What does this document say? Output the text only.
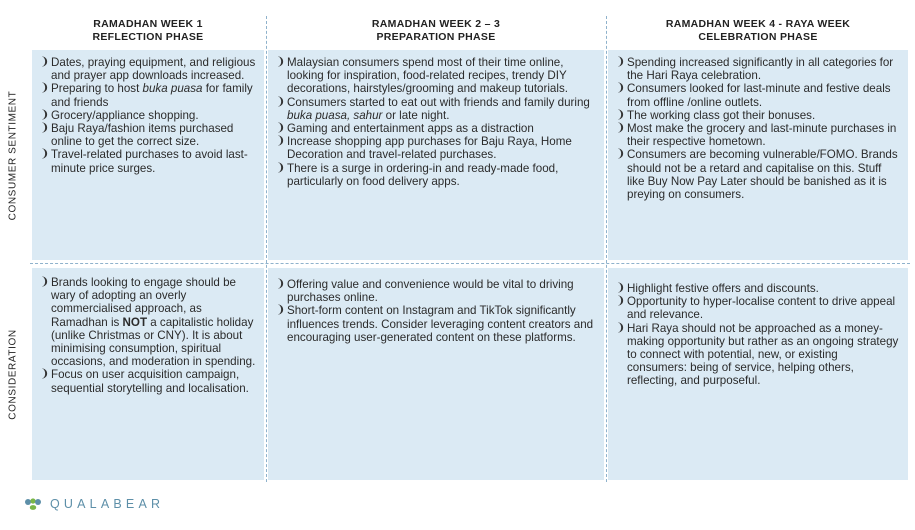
RAMADHAN WEEK 1
REFLECTION PHASE
RAMADHAN WEEK 2 – 3
PREPARATION PHASE
RAMADHAN WEEK 4 - RAYA WEEK
CELEBRATION PHASE
CONSUMER SENTIMENT
CONSIDERATION
❩ Dates, praying equipment, and religious and prayer app downloads increased.
❩ Preparing to host buka puasa for family and friends
❩ Grocery/appliance shopping.
❩ Baju Raya/fashion items purchased online to get the correct size.
❩ Travel-related purchases to avoid last-minute price surges.
❩ Malaysian consumers spend most of their time online, looking for inspiration, food-related recipes, trendy DIY decorations, hairstyles/grooming and makeup tutorials.
❩ Consumers started to eat out with friends and family during buka puasa, sahur or late night.
❩ Gaming and entertainment apps as a distraction
❩ Increase shopping app purchases for Baju Raya, Home Decoration and travel-related purchases.
❩ There is a surge in ordering-in and ready-made food, particularly on food delivery apps.
❩ Spending increased significantly in all categories for the Hari Raya celebration.
❩ Consumers looked for last-minute and festive deals from offline /online outlets.
❩ The working class got their bonuses.
❩ Most make the grocery and last-minute purchases in their respective hometown.
❩ Consumers are becoming vulnerable/FOMO. Brands should not be a retard and capitalise on this. Stuff like Buy Now Pay Later should be banished as it is preying on consumers.
❩ Brands looking to engage should be wary of adopting an overly commercialised approach, as Ramadhan is NOT a capitalistic holiday (unlike Christmas or CNY). It is about minimising consumption, spiritual occasions, and moderation in spending.
❩ Focus on user acquisition campaign, sequential storytelling and localisation.
❩ Offering value and convenience would be vital to driving purchases online.
❩ Short-form content on Instagram and TikTok significantly influences trends. Consider leveraging content creators and encouraging user-generated content on these platforms.
❩ Highlight festive offers and discounts.
❩ Opportunity to hyper-localise content to drive appeal and relevance.
❩ Hari Raya should not be approached as a money-making opportunity but rather as an ongoing strategy to connect with potential, new, or existing consumers: being of service, helping others, reflecting, and purposeful.
QUALABEAR
